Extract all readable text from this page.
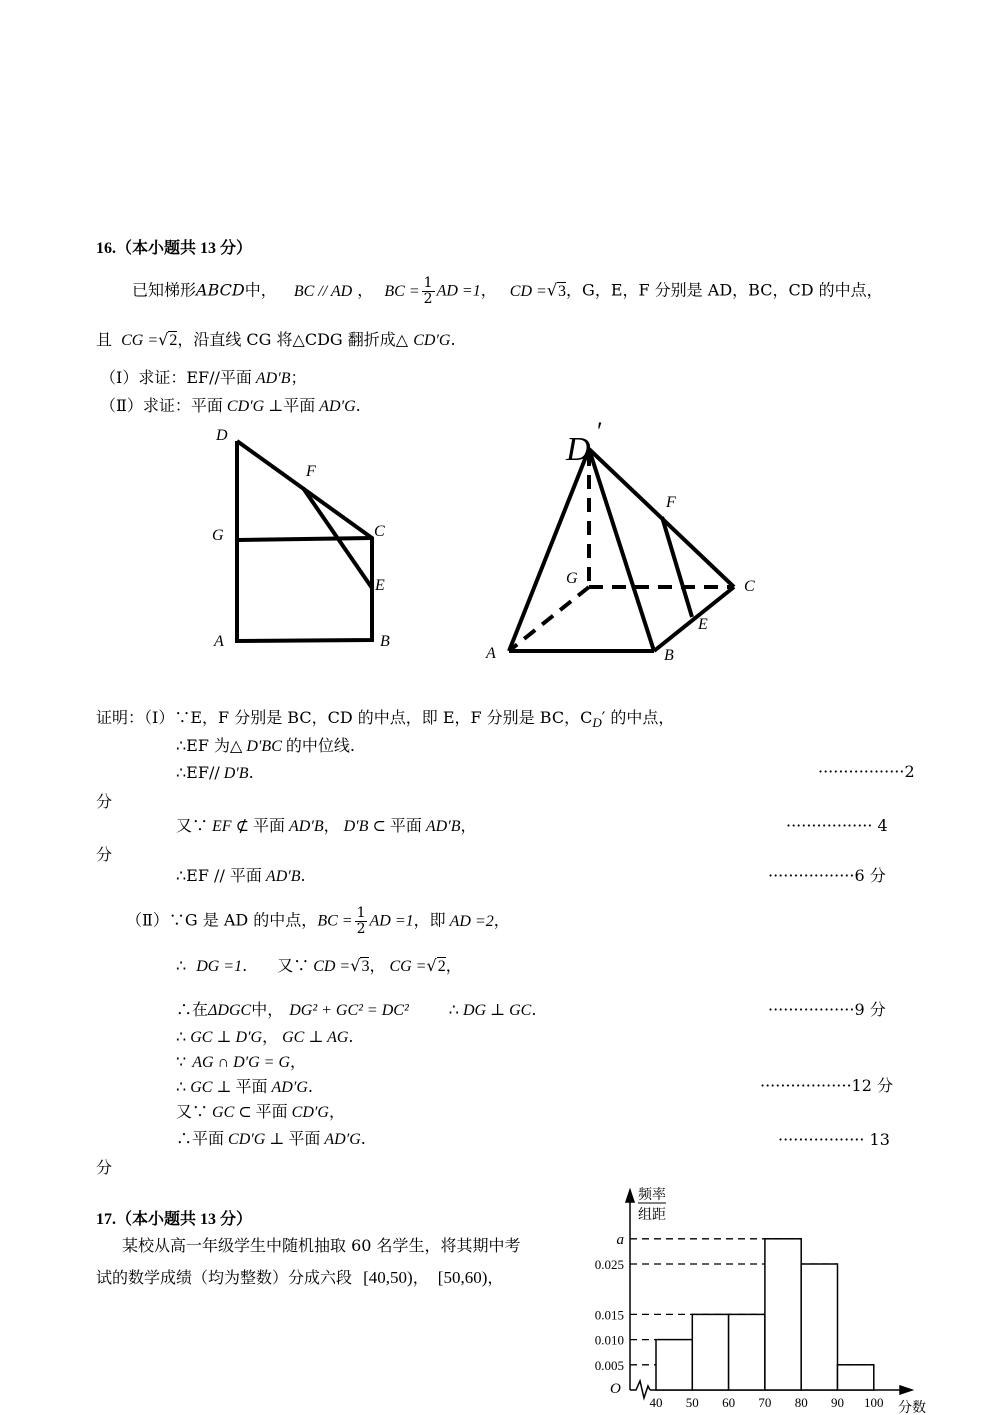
16.（本小题共 13 分）
已知梯形ABCD中， BC // AD ， BC = $\frac{1}{2}$ AD =1， CD =√3，G，E，F 分别是 AD，BC，CD 的中点，
且 CG =√2，沿直线 CG 将△CDG 翻折成△ CD′G.
（Ⅰ）求证：EF//平面 AD′B；
（Ⅱ）求证：平面 CD′G ⊥平面 AD′G.
D
F
G	C
E
A	B
D ′
F
G	C
E
A	B
证明：（Ⅰ）∵E，F 分别是 BC，CD 的中点，即 E，F 分别是 BC，$C_D'$ 的中点，
∴EF 为△ D′BC 的中位线.
∴EF// D′B.	·················2
分
又∵ EF ⊄ 平面 AD′B， D′B ⊂ 平面 AD′B，	················· 4
分
∴EF // 平面 AD′B.	·················6 分
（Ⅱ）∵G 是 AD 的中点，BC = $\frac{1}{2}$ AD =1，即 AD =2，
∴ DG =1. 又∵ CD =√3， CG =√2，
∴在ΔDGC中， DG² + GC² = DC²	∴ DG ⊥ GC.	·················9 分
∴ GC ⊥ D′G， GC ⊥ AG.
∵ AG ∩ D′G = G，
∴ GC ⊥ 平面 AD′G.	··················12 分
又∵ GC ⊂ 平面 CD′G，
∴平面 CD′G ⊥ 平面 AD′G.	················· 13
分
17.（本小题共 13 分）
某校从高一年级学生中随机抽取 60 名学生，将其期中考
试的数学成绩（均为整数）分成六段 [40,50)， [50,60)，
频率
组距
O
分数
0.005
0.010
0.015
0.025
a
40 50 60 70 80 90 100
